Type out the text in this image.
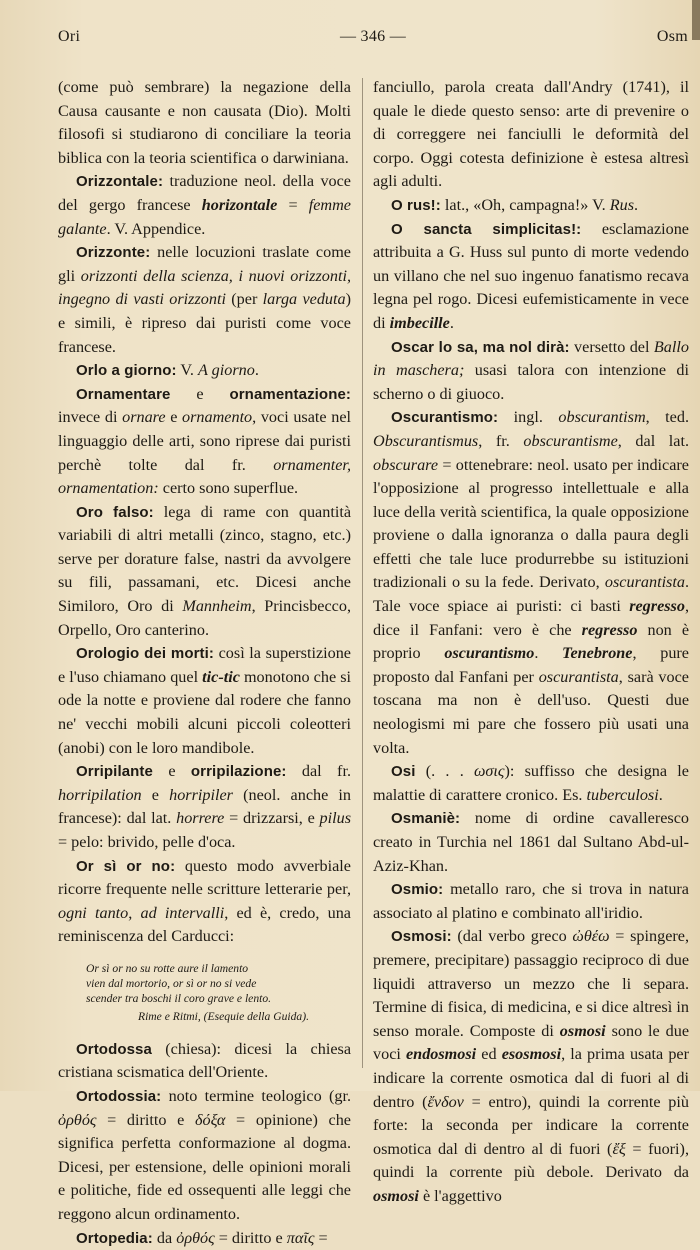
Ori	— 346 —	Osm

(come può sembrare) la negazione della Causa causante e non causata (Dio). Molti filosofi si studiarono di conciliare la teoria biblica con la teoria scientifica o darwiniana.

Orizzontale: traduzione neol. della voce del gergo francese horizontale = femme galante. V. Appendice.

Orizzonte: nelle locuzioni traslate come gli orizzonti della scienza, i nuovi orizzonti, ingegno di vasti orizzonti (per larga veduta) e simili, è ripreso dai puristi come voce francese.

Orlo a giorno: V. A giorno.

Ornamentare e ornamentazione: invece di ornare e ornamento, voci usate nel linguaggio delle arti, sono riprese dai puristi perchè tolte dal fr. ornamenter, ornamentation: certo sono superflue.

Oro falso: lega di rame con quantità variabili di altri metalli (zinco, stagno, etc.) serve per dorature false, nastri da avvolgere su fili, passamani, etc. Dicesi anche Similoro, Oro di Mannheim, Princisbecco, Orpello, Oro canterino.

Orologio dei morti: così la superstizione e l'uso chiamano quel tic-tic monotono che si ode la notte e proviene dal rodere che fanno ne' vecchi mobili alcuni piccoli coleotteri (anobi) con le loro mandibole.

Orripilante e orripilazione: dal fr. horripilation e horripiler (neol. anche in francese): dal lat. horrere = drizzarsi, e pilus = pelo: brivido, pelle d'oca.

Or sì or no: questo modo avverbiale ricorre frequente nelle scritture letterarie per, ogni tanto, ad intervalli, ed è, credo, una reminiscenza del Carducci:

Or sì or no su rotte aure il lamento
vien dal mortorio, or sì or no si vede
scender tra boschi il coro grave e lento.
Rime e Ritmi, (Esequie della Guida).

Ortodossa (chiesa): dicesi la chiesa cristiana scismatica dell'Oriente.

Ortodossia: noto termine teologico (gr. ὀρθός = diritto e δόξα = opinione) che significa perfetta conformazione al dogma. Dicesi, per estensione, delle opinioni morali e politiche, fide ed ossequenti alle leggi che reggono alcun ordinamento.

Ortopedia: da ὀρθός = diritto e παῖς =

fanciullo, parola creata dall'Andry (1741), il quale le diede questo senso: arte di prevenire o di correggere nei fanciulli le deformità del corpo. Oggi cotesta definizione è estesa altresì agli adulti.

O rus!: lat., «Oh, campagna!» V. Rus.

O sancta simplicitas!: esclamazione attribuita a G. Huss sul punto di morte vedendo un villano che nel suo ingenuo fanatismo recava legna pel rogo. Dicesi eufemisticamente in vece di imbecille.

Oscar lo sa, ma nol dirà: versetto del Ballo in maschera; usasi talora con intenzione di scherno o di giuoco.

Oscurantismo: ingl. obscurantism, ted. Obscurantismus, fr. obscurantisme, dal lat. obscurare = ottenebrare: neol. usato per indicare l'opposizione al progresso intellettuale e alla luce della verità scientifica, la quale opposizione proviene o dalla ignoranza o dalla paura degli effetti che tale luce produrrebbe su istituzioni tradizionali o su la fede. Derivato, oscurantista. Tale voce spiace ai puristi: ci basti regresso, dice il Fanfani: vero è che regresso non è proprio oscurantismo. Tenebrone, pure proposto dal Fanfani per oscurantista, sarà voce toscana ma non è dell'uso. Questi due neologismi mi pare che fossero più usati una volta.

Osi (. . . ωσις): suffisso che designa le malattie di carattere cronico. Es. tuberculosi.

Osmaniè: nome di ordine cavalleresco creato in Turchia nel 1861 dal Sultano Abd-ul-Aziz-Khan.

Osmio: metallo raro, che si trova in natura associato al platino e combinato all'iridio.

Osmosi: (dal verbo greco ὠθέω = spingere, premere, precipitare) passaggio reciproco di due liquidi attraverso un mezzo che li separa. Termine di fisica, di medicina, e si dice altresì in senso morale. Composte di osmosi sono le due voci endosmosi ed esosmosi, la prima usata per indicare la corrente osmotica dal di fuori al di dentro (ἔνδον = entro), quindi la corrente più forte: la seconda per indicare la corrente osmotica dal di dentro al di fuori (ἔξ = fuori), quindi la corrente più debole. Derivato da osmosi è l'aggettivo
